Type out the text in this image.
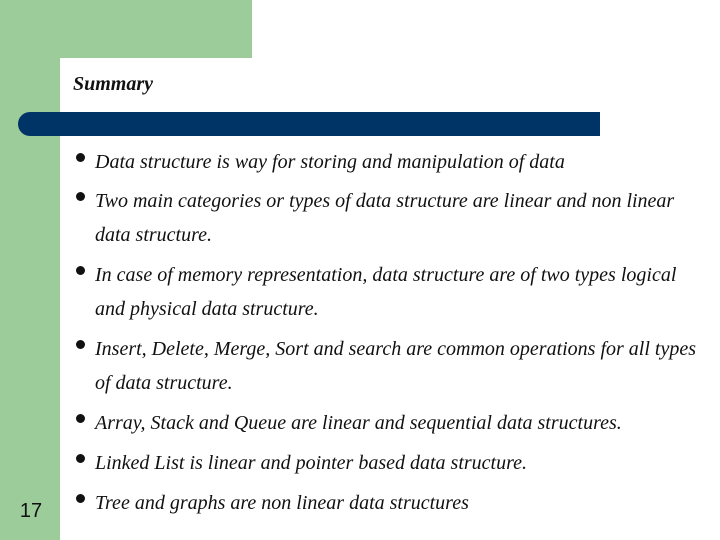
Summary
Data structure is way for storing and manipulation of data
Two main categories or types of data structure are linear and non linear data structure.
In case of memory representation, data structure are of two types logical and physical data structure.
Insert, Delete, Merge, Sort and search are common operations for all types of data structure.
Array, Stack and Queue are linear and sequential data structures.
Linked List is linear and pointer based data structure.
Tree and graphs are non linear data structures
17
